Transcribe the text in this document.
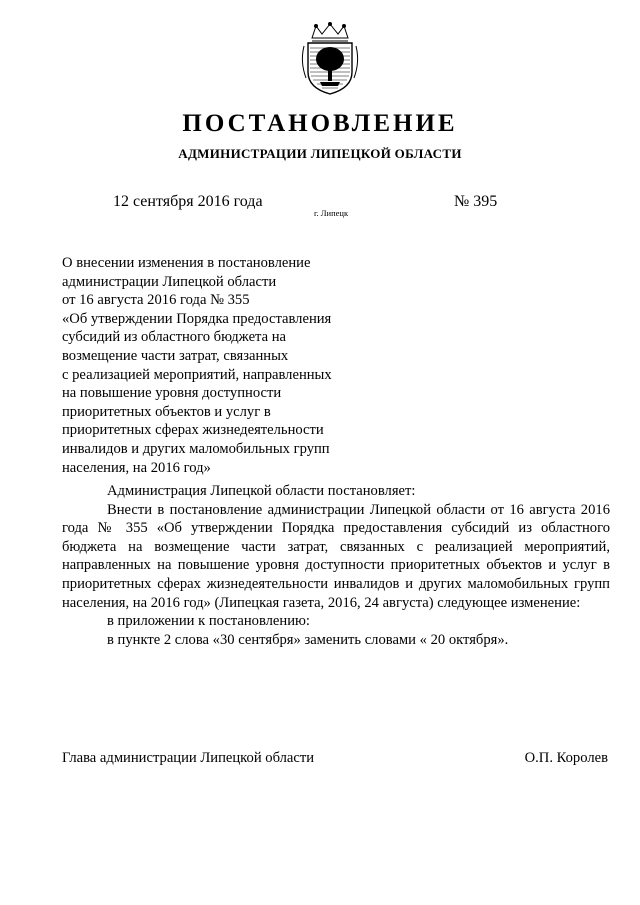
ПОСТАНОВЛЕНИЕ
АДМИНИСТРАЦИИ ЛИПЕЦКОЙ ОБЛАСТИ
12 сентября 2016 года
г. Липецк
№ 395
О внесении изменения в постановление
администрации Липецкой области
от 16 августа 2016 года № 355
«Об утверждении Порядка предоставления
субсидий из областного бюджета на
возмещение части затрат, связанных
с реализацией мероприятий, направленных
на повышение уровня доступности
приоритетных объектов и услуг в
приоритетных сферах жизнедеятельности
инвалидов и других маломобильных групп
населения, на 2016 год»

Администрация Липецкой области постановляет:

Внести в постановление администрации Липецкой области от 16 августа 2016 года № 355 «Об утверждении Порядка предоставления субсидий из областного бюджета на возмещение части затрат, связанных с реализацией мероприятий, направленных на повышение уровня доступности приоритетных объектов и услуг в приоритетных сферах жизнедеятельности инвалидов и других маломобильных групп населения, на 2016 год» (Липецкая газета, 2016, 24 августа) следующее изменение:

в приложении к постановлению:

в пункте 2 слова «30 сентября» заменить словами « 20 октября».

Глава администрации Липецкой области	О.П. Королев
